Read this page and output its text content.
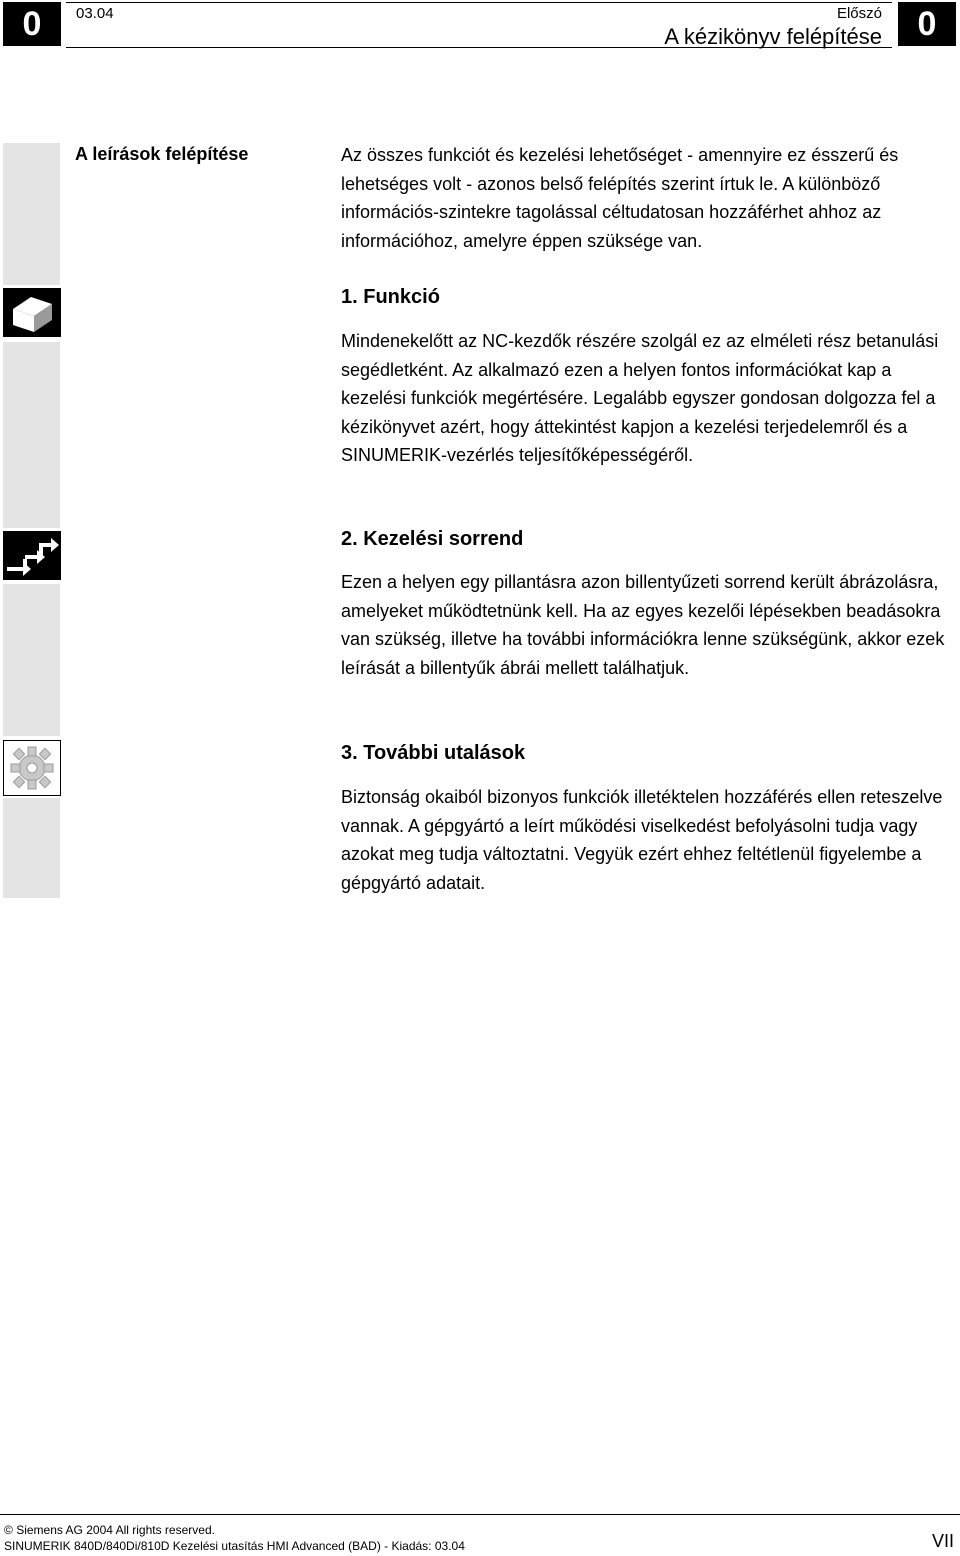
0	0
03.04	Előszó
A kézikönyv felépítése
A leírások felépítése	Az összes funkciót és kezelési lehetőséget - amennyire ez ésszerű és lehetséges volt - azonos belső felépítés szerint írtuk le. A különböző információs-szintekre tagolással céltudatosan hozzáférhet ahhoz az információhoz, amelyre éppen szüksége van.
1. Funkció
Mindenekelőtt az NC-kezdők részére szolgál ez az elméleti rész betanulási segédletként. Az alkalmazó ezen a helyen fontos információkat kap a kezelési funkciók megértésére. Legalább egyszer gondosan dolgozza fel a kézikönyvet azért, hogy áttekintést kapjon a kezelési terjedelemről és a SINUMERIK-vezérlés teljesítőképességéről.
2. Kezelési sorrend
Ezen a helyen egy pillantásra azon billentyűzeti sorrend került ábrázolásra, amelyeket működtetnünk kell. Ha az egyes kezelői lépésekben beadásokra van szükség, illetve ha további információkra lenne szükségünk, akkor ezek leírását a billentyűk ábrái mellett találhatjuk.
3. További utalások
Biztonság okaiból bizonyos funkciók illetéktelen hozzáférés ellen reteszelve vannak. A gépgyártó a leírt működési viselkedést befolyásolni tudja vagy azokat meg tudja változtatni. Vegyük ezért ehhez feltétlenül figyelembe a gépgyártó adatait.
© Siemens AG 2004 All rights reserved.
SINUMERIK 840D/840Di/810D Kezelési utasítás HMI Advanced (BAD) - Kiadás: 03.04	VII
